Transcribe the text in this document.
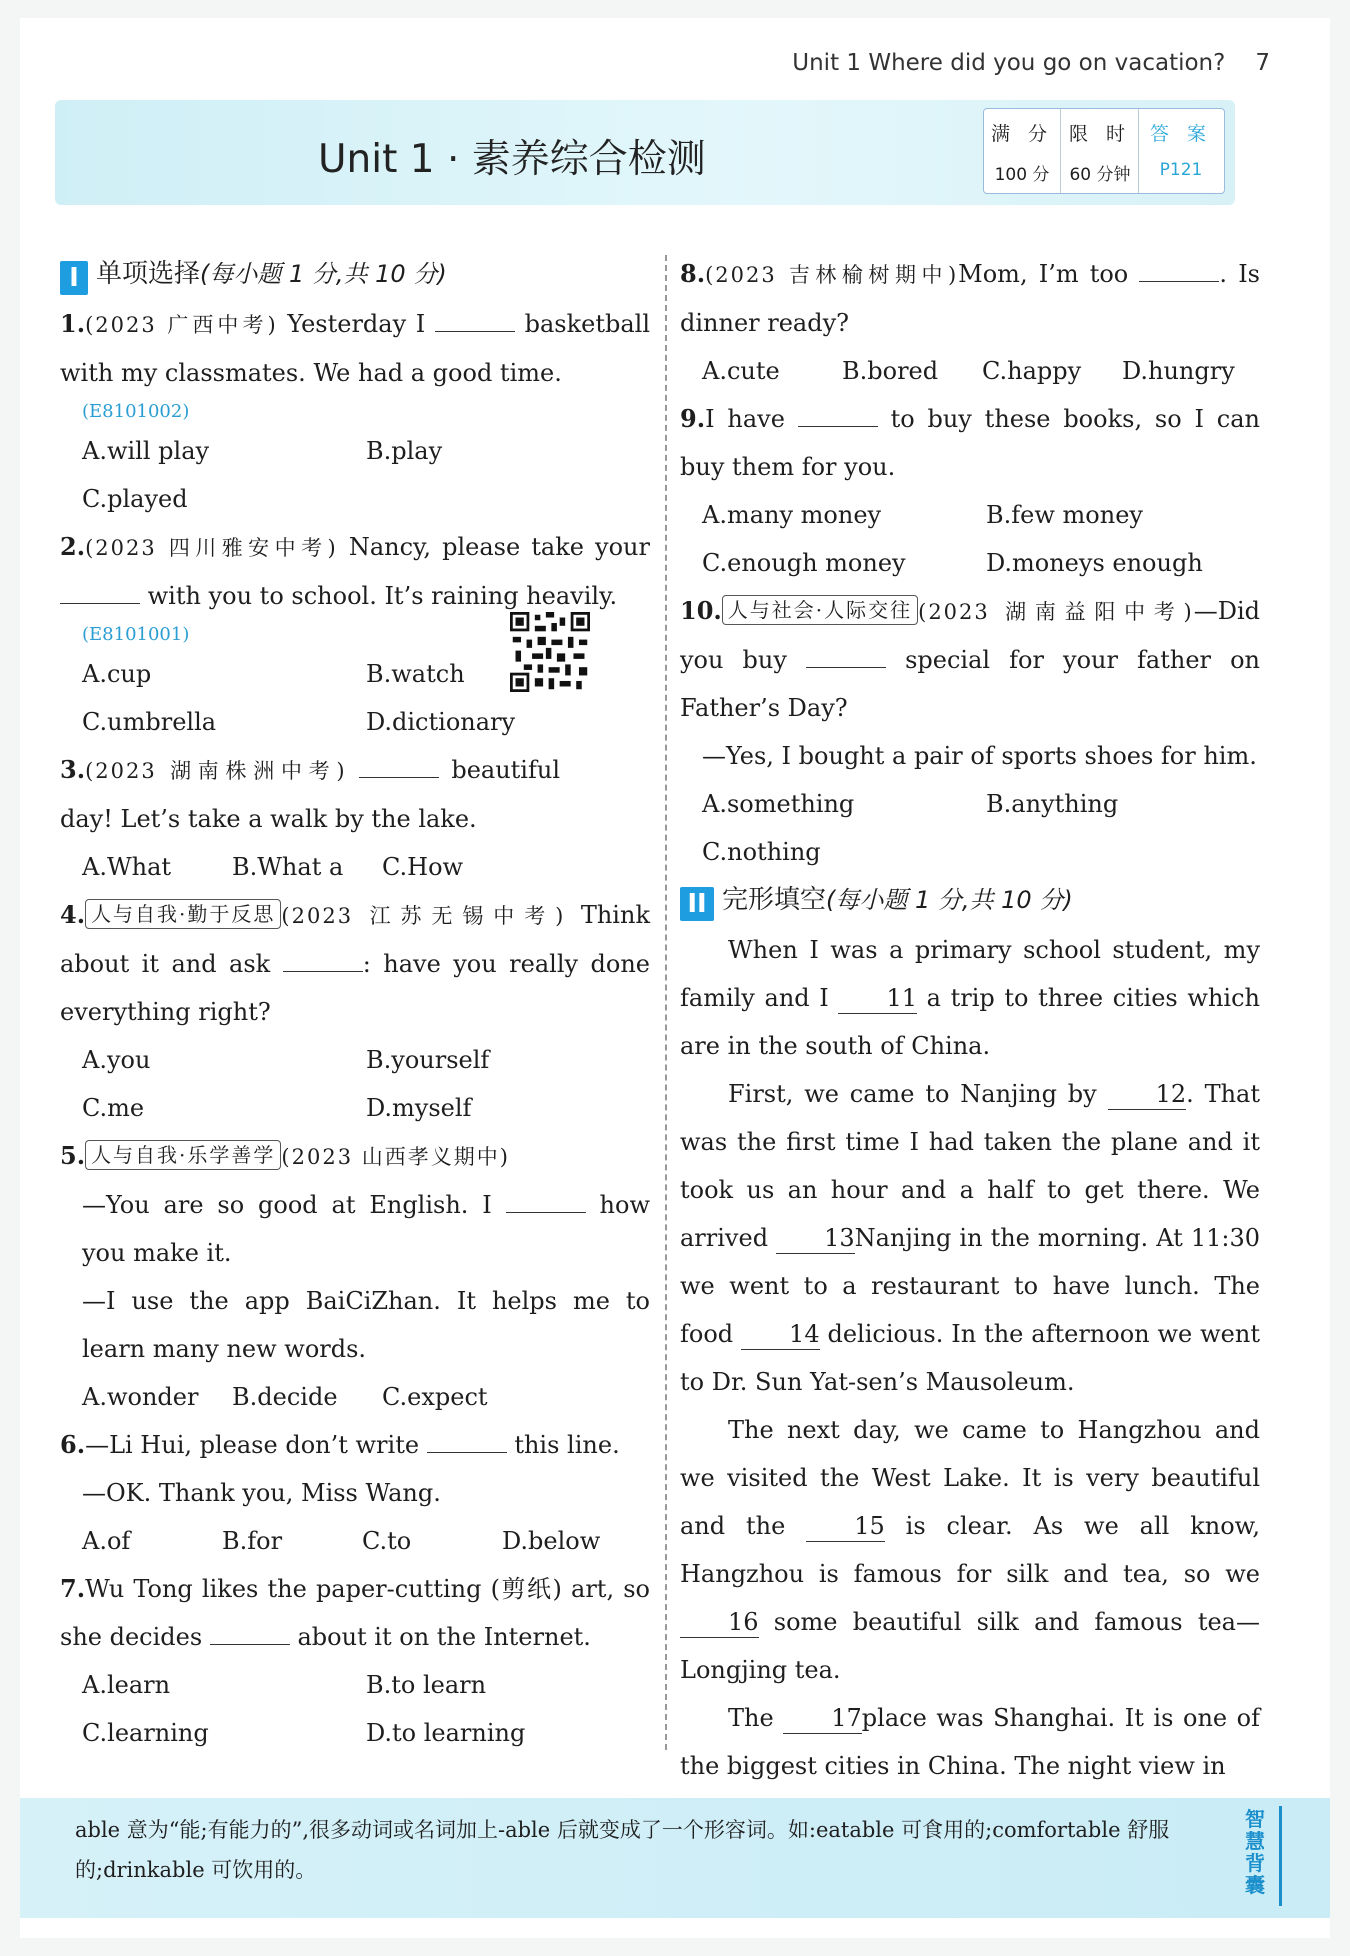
Unit 1 Where did you go on vacation? 7
Unit 1 · 素养综合检测
满 分
100 分
限 时
60 分钟
答 案
P121
I 单项选择(每小题 1 分,共 10 分)

1.(2023 广西中考) Yesterday I	basketball with my classmates. We had a good time.

(E8101002)
A.will play	B.play
C.played

2.(2023 四川雅安中考) Nancy, please take your  with you to school. It’s raining heavily.

(E8101001)
A.cup	B.watch
C.umbrella	D.dictionary

3.(2023 湖南株洲中考)	beautiful day! Let’s take a walk by the lake.

A.What	B.What a	C.How

4. 人与自我·勤于反思 (2023 江苏无锡中考) Think about it and ask	: have you really done everything right?

A.you	B.yourself
C.me	D.myself

5. 人与自我·乐学善学 (2023 山西孝义期中)

—You are so good at English. I	how you make it.

—I use the app BaiCiZhan. It helps me to learn many new words.

A.wonder	B.decide	C.expect

6.—Li Hui, please don’t write	this line.

—OK. Thank you, Miss Wang.

A.of	B.for	C.to	D.below

7.Wu Tong likes the paper-cutting (剪纸) art, so she decides	about it on the Internet.

A.learn	B.to learn
C.learning	D.to learning

8.(2023 吉林榆树期中)Mom, I’m too	. Is dinner ready?

A.cute	B.bored	C.happy	D.hungry

9.I have	to buy these books, so I can buy them for you.

A.many money	B.few money
C.enough money	D.moneys enough

10. 人与社会·人际交往 (2023 湖南益阳中考)—Did you buy	special for your father on Father’s Day?

—Yes, I bought a pair of sports shoes for him.

A.something	B.anything
C.nothing
II 完形填空(每小题 1 分,共 10 分)

When I was a primary school student, my family and I 11 a trip to three cities which are in the south of China.

First, we came to Nanjing by 12. That was the first time I had taken the plane and it took us an hour and a half to get there. We arrived 13Nanjing in the morning. At 11:30 we went to a restaurant to have lunch. The food 14 delicious. In the afternoon we went to Dr. Sun Yat-sen’s Mausoleum.

The next day, we came to Hangzhou and we visited the West Lake. It is very beautiful and the	15 is clear. As we all know, Hangzhou is famous for silk and tea, so we 16 some beautiful silk and famous tea—Longjing tea.

The 17place was Shanghai. It is one of the biggest cities in China. The night view in

able 意为“能;有能力的”,很多动词或名词加上-able 后就变成了一个形容词。如:eatable 可食用的;comfortable 舒服的;drinkable 可饮用的。
智慧背囊
